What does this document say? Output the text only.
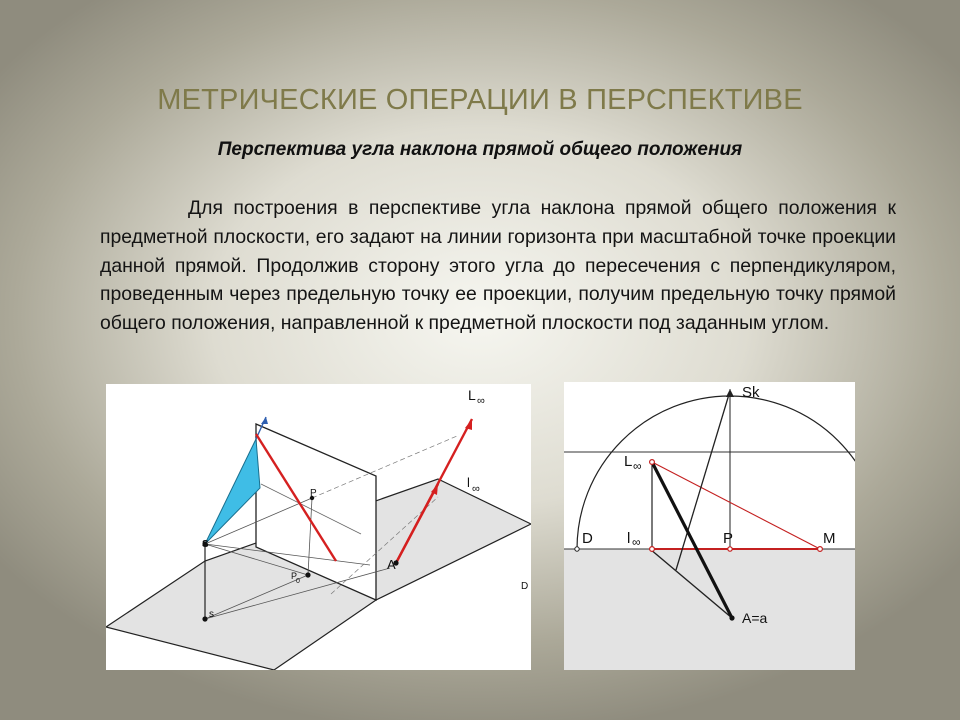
МЕТРИЧЕСКИЕ ОПЕРАЦИИ В ПЕРСПЕКТИВЕ
Перспектива угла наклона прямой общего положения

Для построения в перспективе угла наклона прямой общего положения к предметной плоскости, его задают на линии горизонта при масштабной точке проекции данной прямой. Продолжив сторону этого угла до пересечения с перпендикуляром, проведенным через предельную точку ее проекции, получим предельную точку прямой общего положения, направленной к предметной плоскости под заданным углом.

L ∞
l ∞
P
S
s
P
0
A'
D
Sk
L ∞
D l ∞	P	M
A=a
